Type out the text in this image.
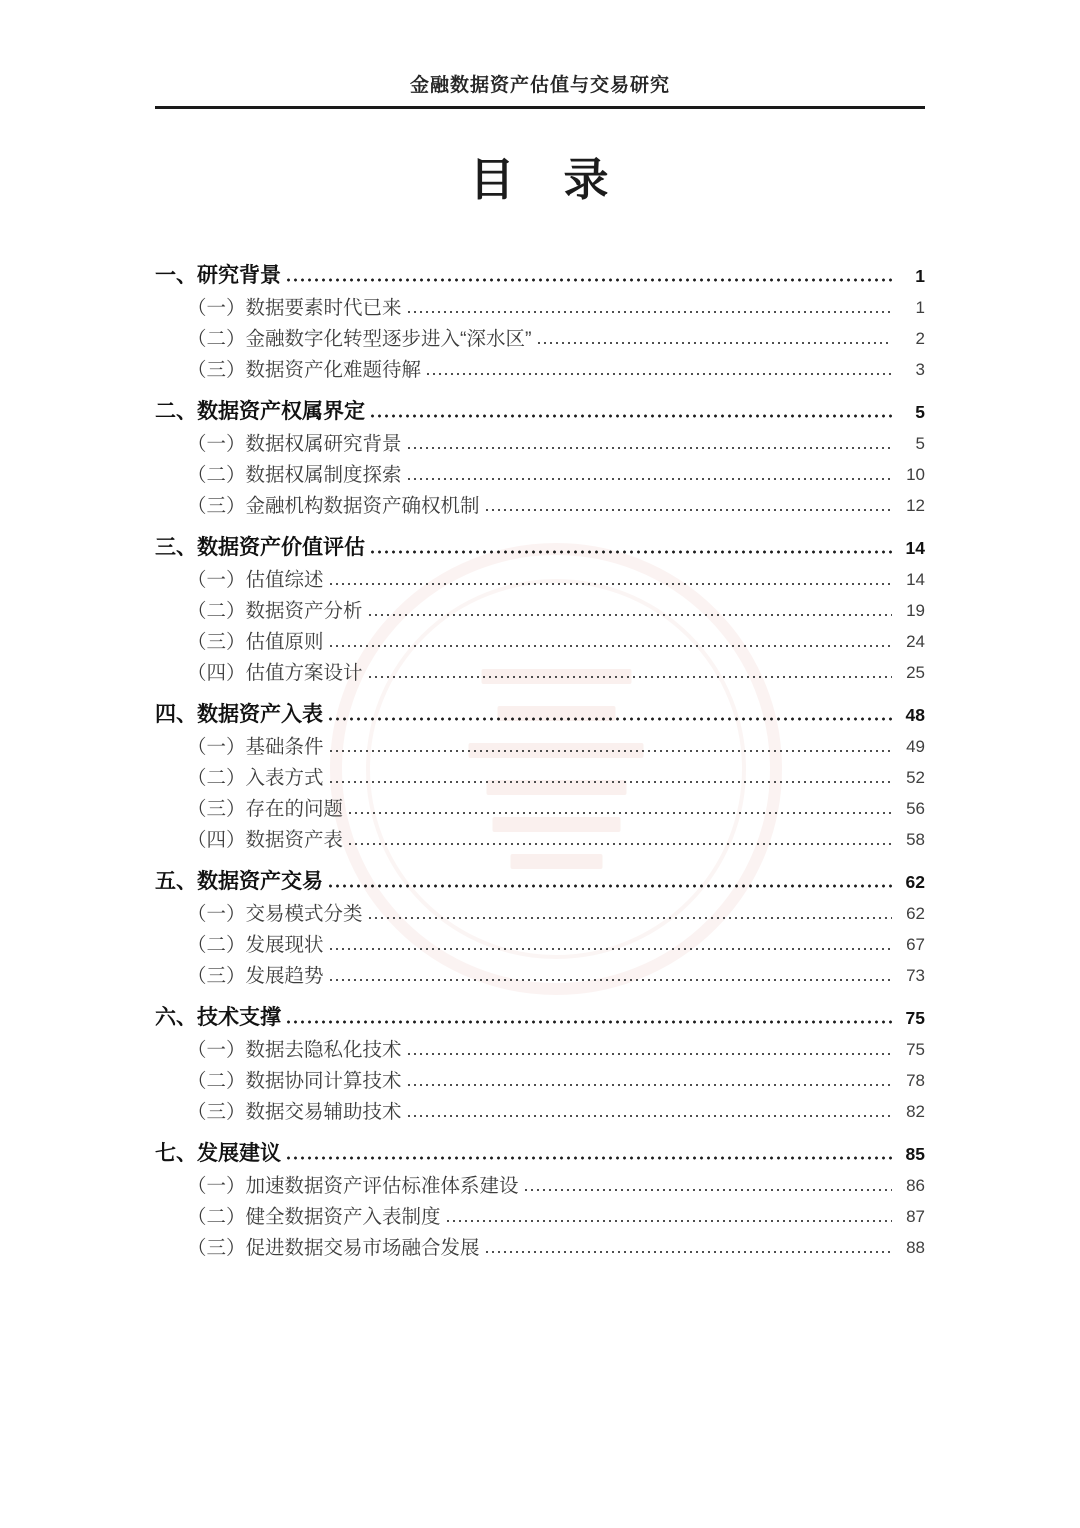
金融数据资产估值与交易研究
目　录
一、研究背景	1
（一）数据要素时代已来	1
（二）金融数字化转型逐步进入“深水区”	2
（三）数据资产化难题待解	3
二、数据资产权属界定	5
（一）数据权属研究背景	5
（二）数据权属制度探索	10
（三）金融机构数据资产确权机制	12
三、数据资产价值评估	14
（一）估值综述	14
（二）数据资产分析	19
（三）估值原则	24
（四）估值方案设计	25
四、数据资产入表	48
（一）基础条件	49
（二）入表方式	52
（三）存在的问题	56
（四）数据资产表	58
五、数据资产交易	62
（一）交易模式分类	62
（二）发展现状	67
（三）发展趋势	73
六、技术支撑	75
（一）数据去隐私化技术	75
（二）数据协同计算技术	78
（三）数据交易辅助技术	82
七、发展建议	85
（一）加速数据资产评估标准体系建设	86
（二）健全数据资产入表制度	87
（三）促进数据交易市场融合发展	88
